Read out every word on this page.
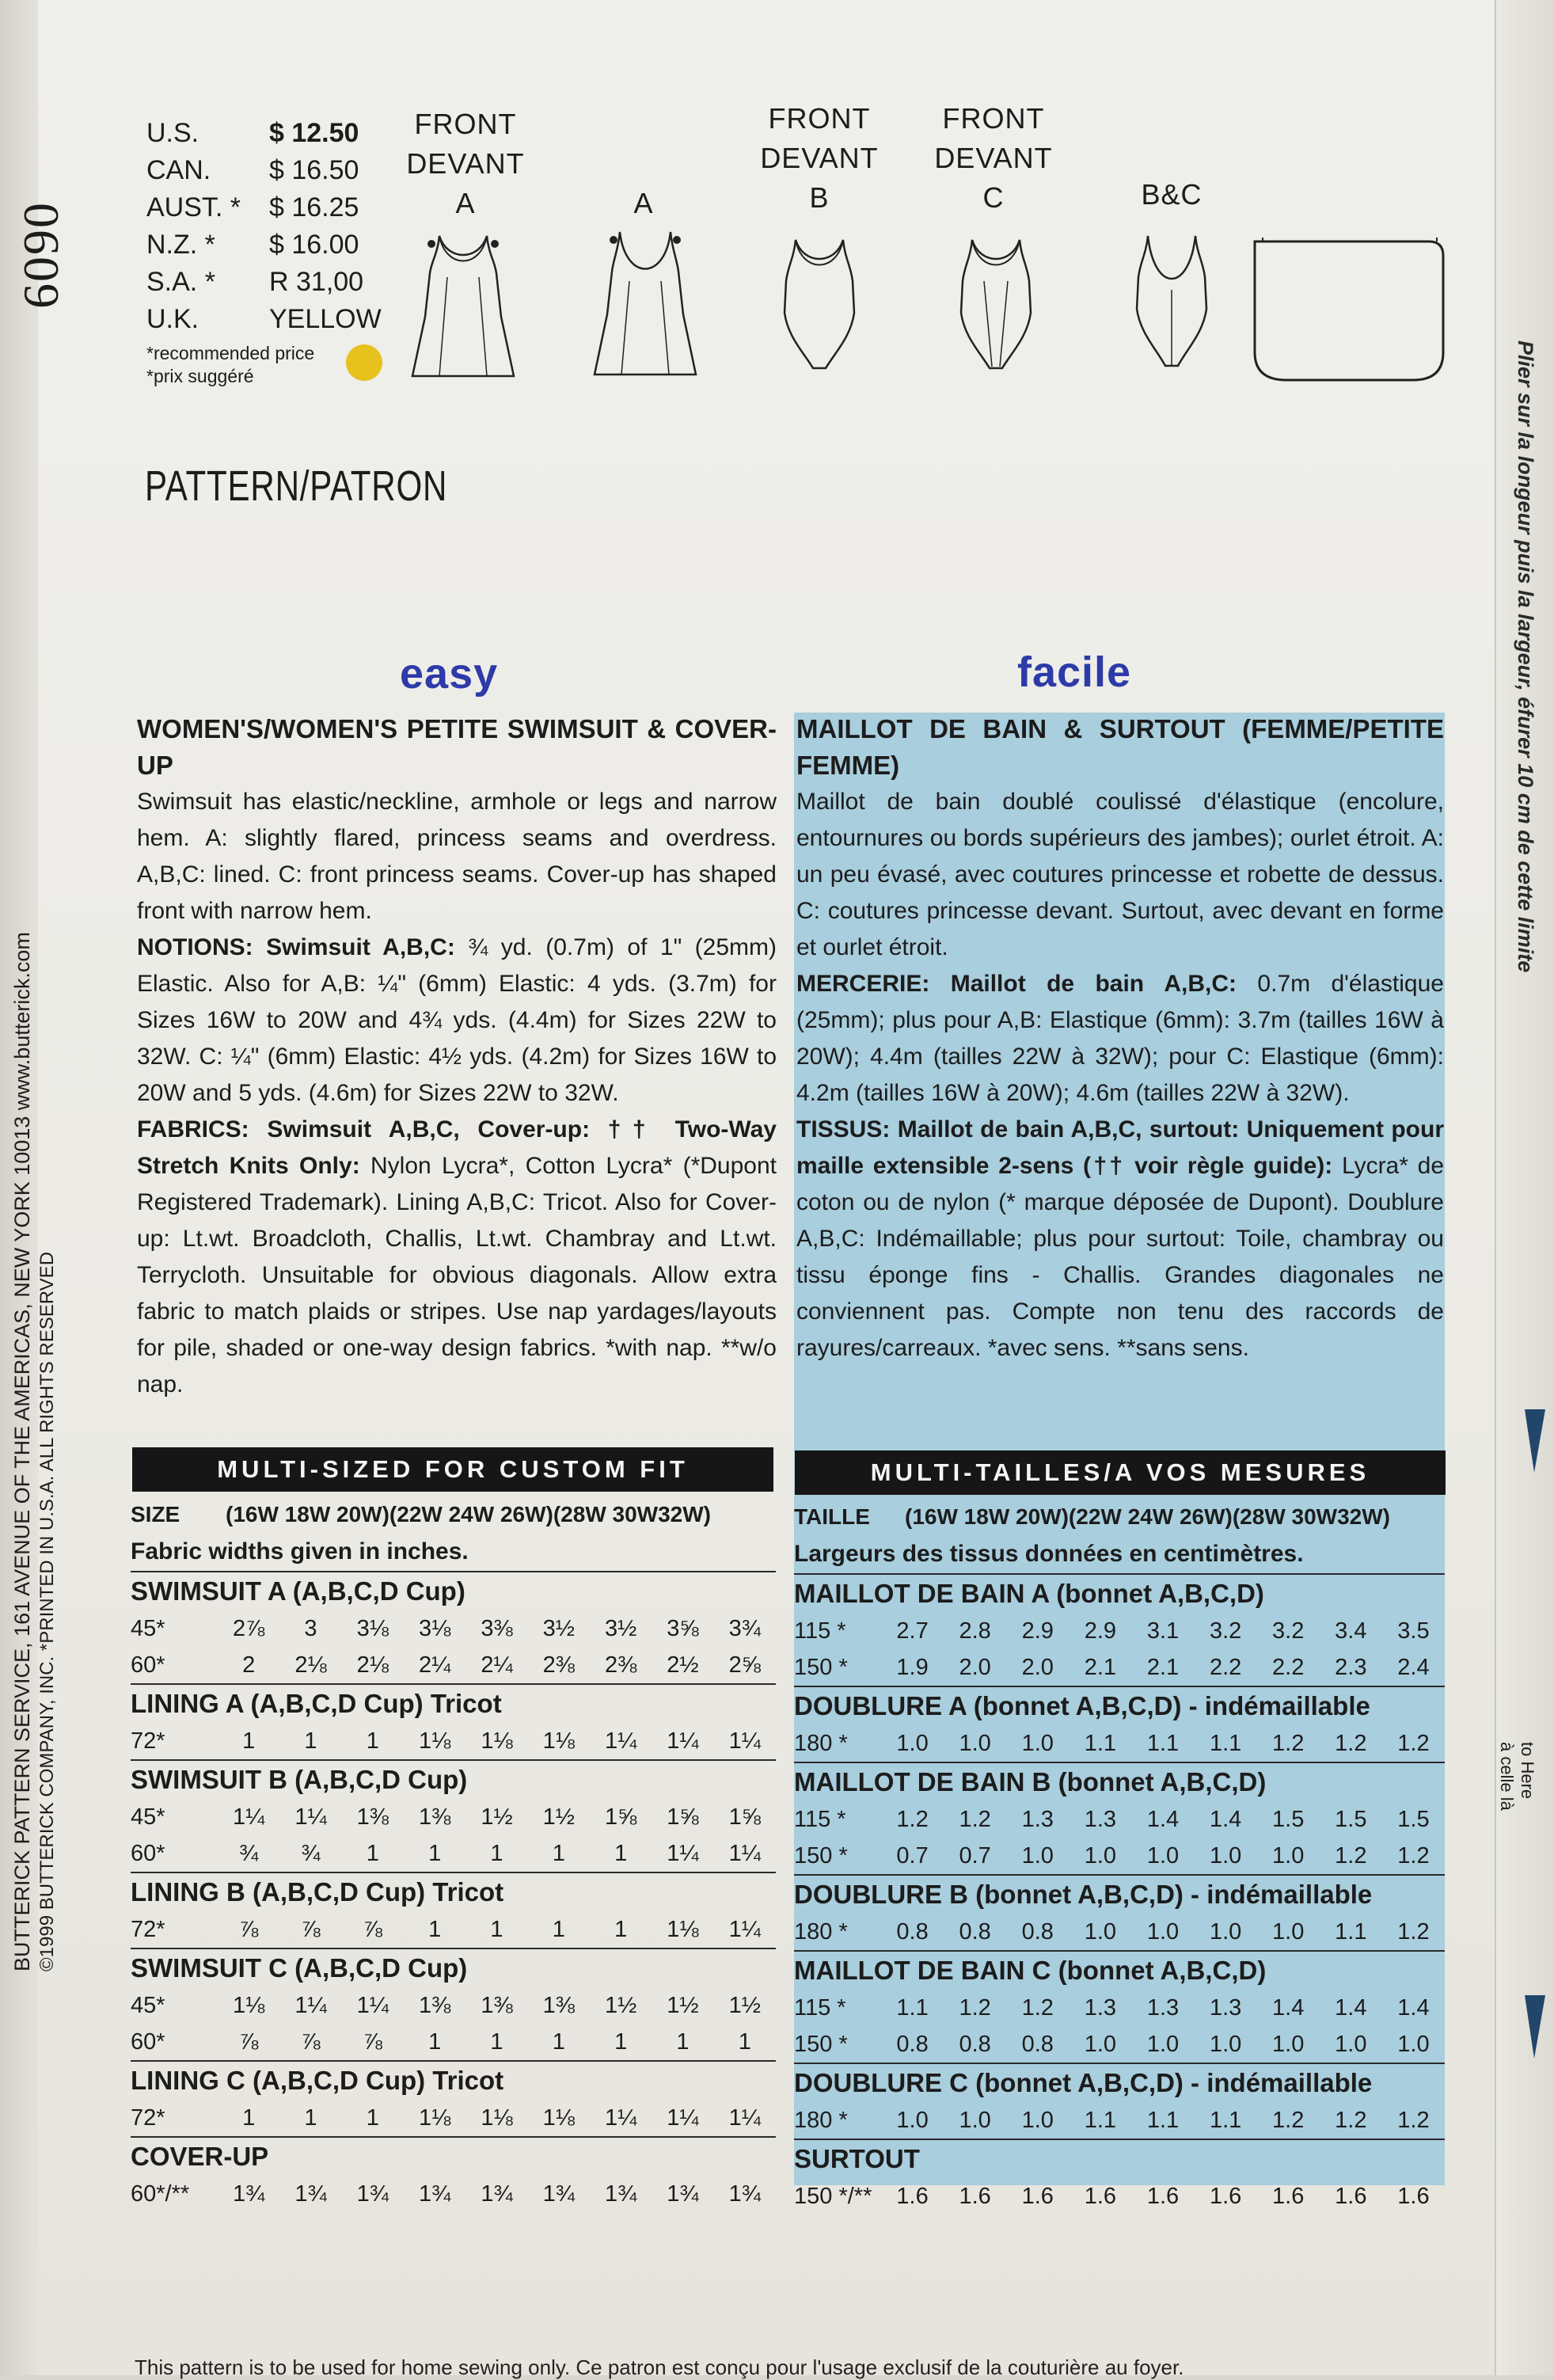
Plier sur la longeur puis la largeur, éfurer 10 cm de cette limite
to Here
à celle là
6090
BUTTERICK PATTERN SERVICE, 161 AVENUE OF THE AMERICAS, NEW YORK 10013 www.butterick.com ©1999 BUTTERICK COMPANY, INC. *PRINTED IN U.S.A. ALL RIGHTS RESERVED
U.S.	$ 12.50
CAN.	$ 16.50
AUST. *	$ 16.25
N.Z. *	$ 16.00
S.A. *	R 31,00
U.K.	YELLOW
*recommended price
*prix suggéré
PATTERN/PATRON
FRONT
DEVANT
A	A
FRONT
DEVANT
B
FRONT
DEVANT
C	B&C
easy	facile
WOMEN'S/WOMEN'S PETITE SWIMSUIT & COVER-UP
Swimsuit has elastic/neckline, armhole or legs and narrow hem. A: slightly flared, princess seams and overdress. A,B,C: lined. C: front princess seams. Cover-up has shaped front with narrow hem.
NOTIONS: Swimsuit A,B,C: ¾ yd. (0.7m) of 1" (25mm) Elastic. Also for A,B: ¼" (6mm) Elastic: 4 yds. (3.7m) for Sizes 16W to 20W and 4¾ yds. (4.4m) for Sizes 22W to 32W. C: ¼" (6mm) Elastic: 4½ yds. (4.2m) for Sizes 16W to 20W and 5 yds. (4.6m) for Sizes 22W to 32W.
FABRICS: Swimsuit A,B,C, Cover-up: †† Two-Way Stretch Knits Only: Nylon Lycra*, Cotton Lycra* (*Dupont Registered Trademark). Lining A,B,C: Tricot. Also for Cover-up: Lt.wt. Broadcloth, Challis, Lt.wt. Chambray and Lt.wt. Terrycloth. Unsuitable for obvious diagonals. Allow extra fabric to match plaids or stripes. Use nap yardages/layouts for pile, shaded or one-way design fabrics. *with nap. **w/o nap.
MAILLOT DE BAIN & SURTOUT (FEMME/PETITE FEMME)
Maillot de bain doublé coulissé d'élastique (encolure, entournures ou bords supérieurs des jambes); ourlet étroit. A: un peu évasé, avec coutures princesse et robette de dessus. C: coutures princesse devant. Surtout, avec devant en forme et ourlet étroit.
MERCERIE: Maillot de bain A,B,C: 0.7m d'élastique (25mm); plus pour A,B: Elastique (6mm): 3.7m (tailles 16W à 20W); 4.4m (tailles 22W à 32W); pour C: Elastique (6mm): 4.2m (tailles 16W à 20W); 4.6m (tailles 22W à 32W).
TISSUS: Maillot de bain A,B,C, surtout: Uniquement pour maille extensible 2-sens (†† voir règle guide): Lycra* de coton ou de nylon (* marque déposée de Dupont). Doublure A,B,C: Indémaillable; plus pour surtout: Toile, chambray ou tissu éponge fins - Challis. Grandes diagonales ne conviennent pas. Compte non tenu des raccords de rayures/carreaux. *avec sens. **sans sens.
MULTI-SIZED FOR CUSTOM FIT	MULTI-TAILLES/A VOS MESURES
SIZE	(16W 18W 20W)(22W 24W 26W)(28W 30W32W)
Fabric widths given in inches.
SWIMSUIT A (A,B,C,D Cup)
45*	2⅞	3	3⅛	3⅛	3⅜	3½	3½	3⅝	3¾
60*	2	2⅛	2⅛	2¼	2¼	2⅜	2⅜	2½	2⅝
LINING A (A,B,C,D Cup) Tricot
72*	1	1	1	1⅛	1⅛	1⅛	1¼	1¼	1¼
SWIMSUIT B (A,B,C,D Cup)
45*	1¼	1¼	1⅜	1⅜	1½	1½	1⅝	1⅝	1⅝
60*	¾	¾	1	1	1	1	1	1¼	1¼
LINING B (A,B,C,D Cup) Tricot
72*	⅞	⅞	⅞	1	1	1	1	1⅛	1¼
SWIMSUIT C (A,B,C,D Cup)
45*	1⅛	1¼	1¼	1⅜	1⅜	1⅜	1½	1½	1½
60*	⅞	⅞	⅞	1	1	1	1	1	1
LINING C (A,B,C,D Cup) Tricot
72*	1	1	1	1⅛	1⅛	1⅛	1¼	1¼	1¼
COVER-UP
60*/**	1¾	1¾	1¾	1¾	1¾	1¾	1¾	1¾	1¾
TAILLE	(16W 18W 20W)(22W 24W 26W)(28W 30W32W)
Largeurs des tissus données en centimètres.
MAILLOT DE BAIN A (bonnet A,B,C,D)
115 *	2.7	2.8	2.9	2.9	3.1	3.2	3.2	3.4	3.5
150 *	1.9	2.0	2.0	2.1	2.1	2.2	2.2	2.3	2.4
DOUBLURE A (bonnet A,B,C,D) - indémaillable
180 *	1.0	1.0	1.0	1.1	1.1	1.1	1.2	1.2	1.2
MAILLOT DE BAIN B (bonnet A,B,C,D)
115 *	1.2	1.2	1.3	1.3	1.4	1.4	1.5	1.5	1.5
150 *	0.7	0.7	1.0	1.0	1.0	1.0	1.0	1.2	1.2
DOUBLURE B (bonnet A,B,C,D) - indémaillable
180 *	0.8	0.8	0.8	1.0	1.0	1.0	1.0	1.1	1.2
MAILLOT DE BAIN C (bonnet A,B,C,D)
115 *	1.1	1.2	1.2	1.3	1.3	1.3	1.4	1.4	1.4
150 *	0.8	0.8	0.8	1.0	1.0	1.0	1.0	1.0	1.0
DOUBLURE C (bonnet A,B,C,D) - indémaillable
180 *	1.0	1.0	1.0	1.1	1.1	1.1	1.2	1.2	1.2
SURTOUT
150 */**	1.6	1.6	1.6	1.6	1.6	1.6	1.6	1.6	1.6
This pattern is to be used for home sewing only. Ce patron est conçu pour l'usage exclusif de la couturière au foyer.
